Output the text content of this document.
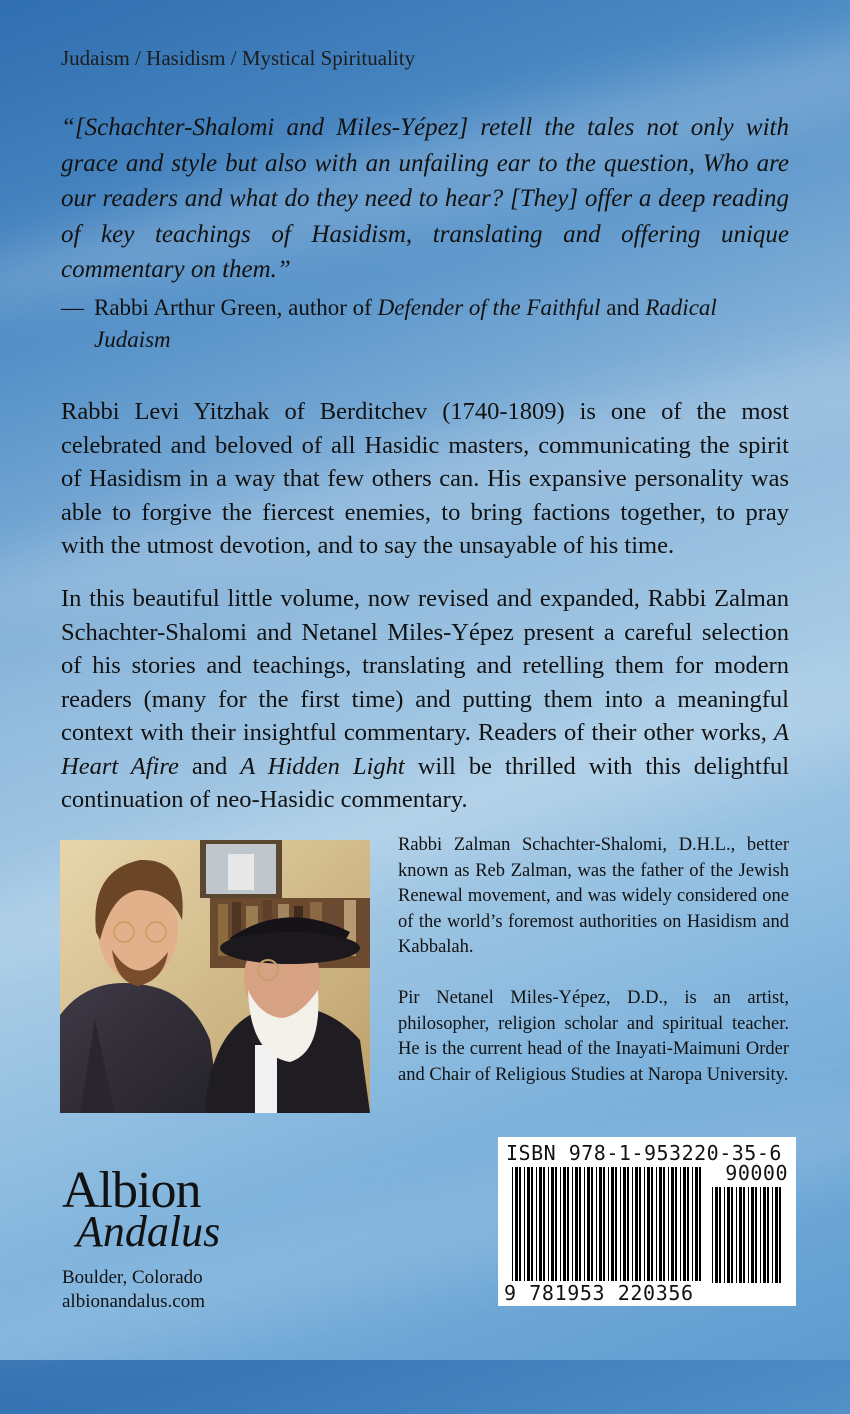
Judaism / Hasidism / Mystical Spirituality

“[Schachter-Shalomi and Miles-Yépez] retell the tales not only with grace and style but also with an unfailing ear to the question, Who are our readers and what do they need to hear? [They] offer a deep reading of key teachings of Hasidism, translating and offering unique commentary on them.”

— Rabbi Arthur Green, author of Defender of the Faithful and Radical Judaism

Rabbi Levi Yitzhak of Berditchev (1740-1809) is one of the most celebrated and beloved of all Hasidic masters, communicating the spirit of Hasidism in a way that few others can. His expansive personality was able to forgive the fiercest enemies, to bring factions together, to pray with the utmost devotion, and to say the unsayable of his time.

In this beautiful little volume, now revised and expanded, Rabbi Zalman Schachter-Shalomi and Netanel Miles-Yépez present a careful selection of his stories and teachings, translating and retelling them for modern readers (many for the first time) and putting them into a meaningful context with their insightful commentary. Readers of their other works, A Heart Afire and A Hidden Light will be thrilled with this delightful continuation of neo-Hasidic commentary.

Rabbi Zalman Schachter-Shalomi, D.H.L., better known as Reb Zalman, was the father of the Jewish Renewal movement, and was widely considered one of the world’s foremost authorities on Hasidism and Kabbalah.

Pir Netanel Miles-Yépez, D.D., is an artist, philosopher, religion scholar and spiritual teacher. He is the current head of the Inayati-Maimuni Order and Chair of Religious Studies at Naropa University.

Albion
Andalus
Boulder, Colorado
albionandalus.com
ISBN 978-1-953220-35-6
90000
9 781953 220356
